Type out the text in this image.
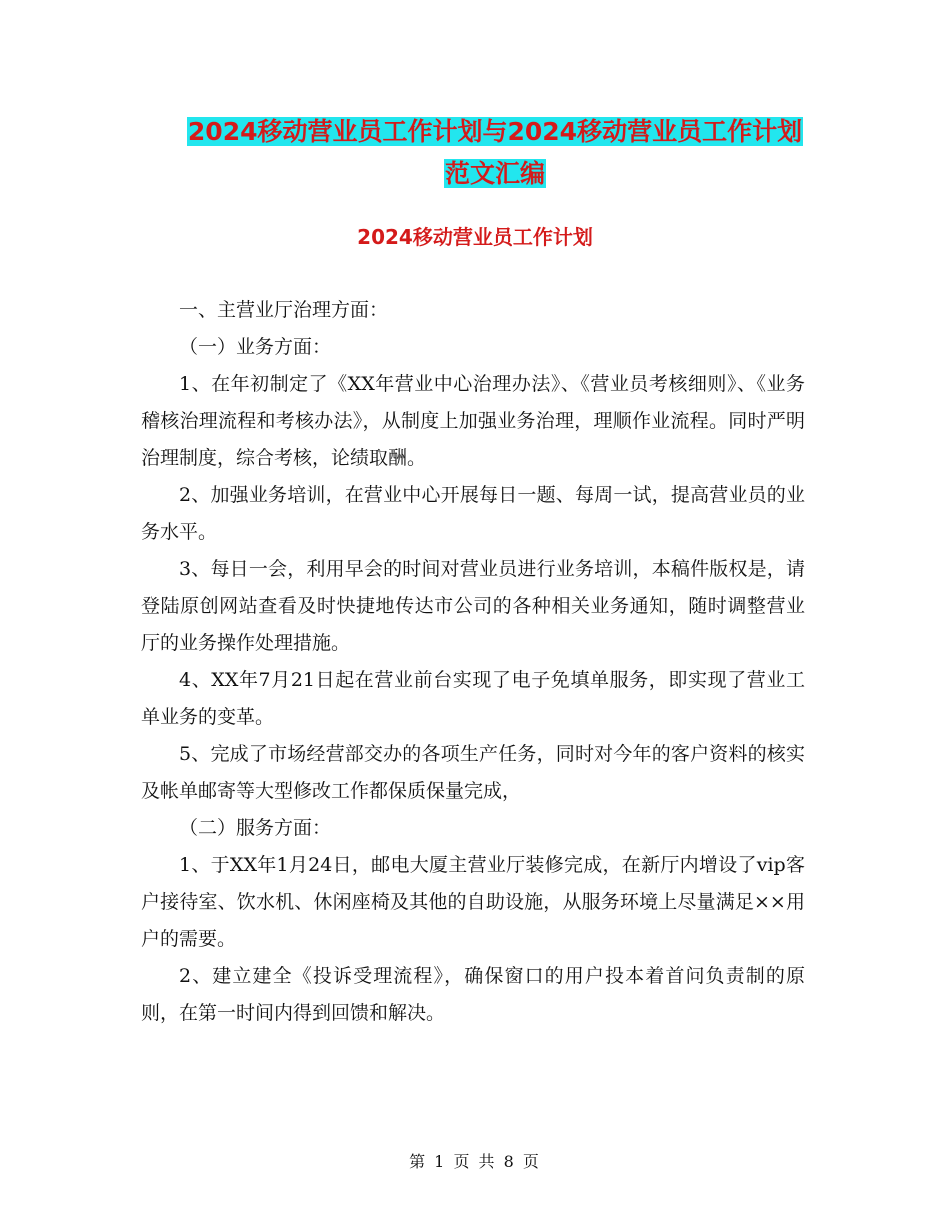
2024移动营业员工作计划与2024移动营业员工作计划
范文汇编
2024移动营业员工作计划

一、主营业厅治理方面：

（一）业务方面：

1、在年初制定了《XX年营业中心治理办法》、《营业员考核细则》、《业务稽核治理流程和考核办法》，从制度上加强业务治理，理顺作业流程。同时严明治理制度，综合考核，论绩取酬。

2、加强业务培训，在营业中心开展每日一题、每周一试，提高营业员的业务水平。

3、每日一会，利用早会的时间对营业员进行业务培训，本稿件版权是，请登陆原创网站查看及时快捷地传达市公司的各种相关业务通知，随时调整营业厅的业务操作处理措施。

4、XX年7月21日起在营业前台实现了电子免填单服务，即实现了营业工单业务的变革。

5、完成了市场经营部交办的各项生产任务，同时对今年的客户资料的核实及帐单邮寄等大型修改工作都保质保量完成，

（二）服务方面：

1、于XX年1月24日，邮电大厦主营业厅装修完成，在新厅内增设了vip客户接待室、饮水机、休闲座椅及其他的自助设施，从服务环境上尽量满足××用户的需要。

2、建立建全《投诉受理流程》，确保窗口的用户投本着首问负责制的原则，在第一时间内得到回馈和解决。

第 1 页 共 8 页
